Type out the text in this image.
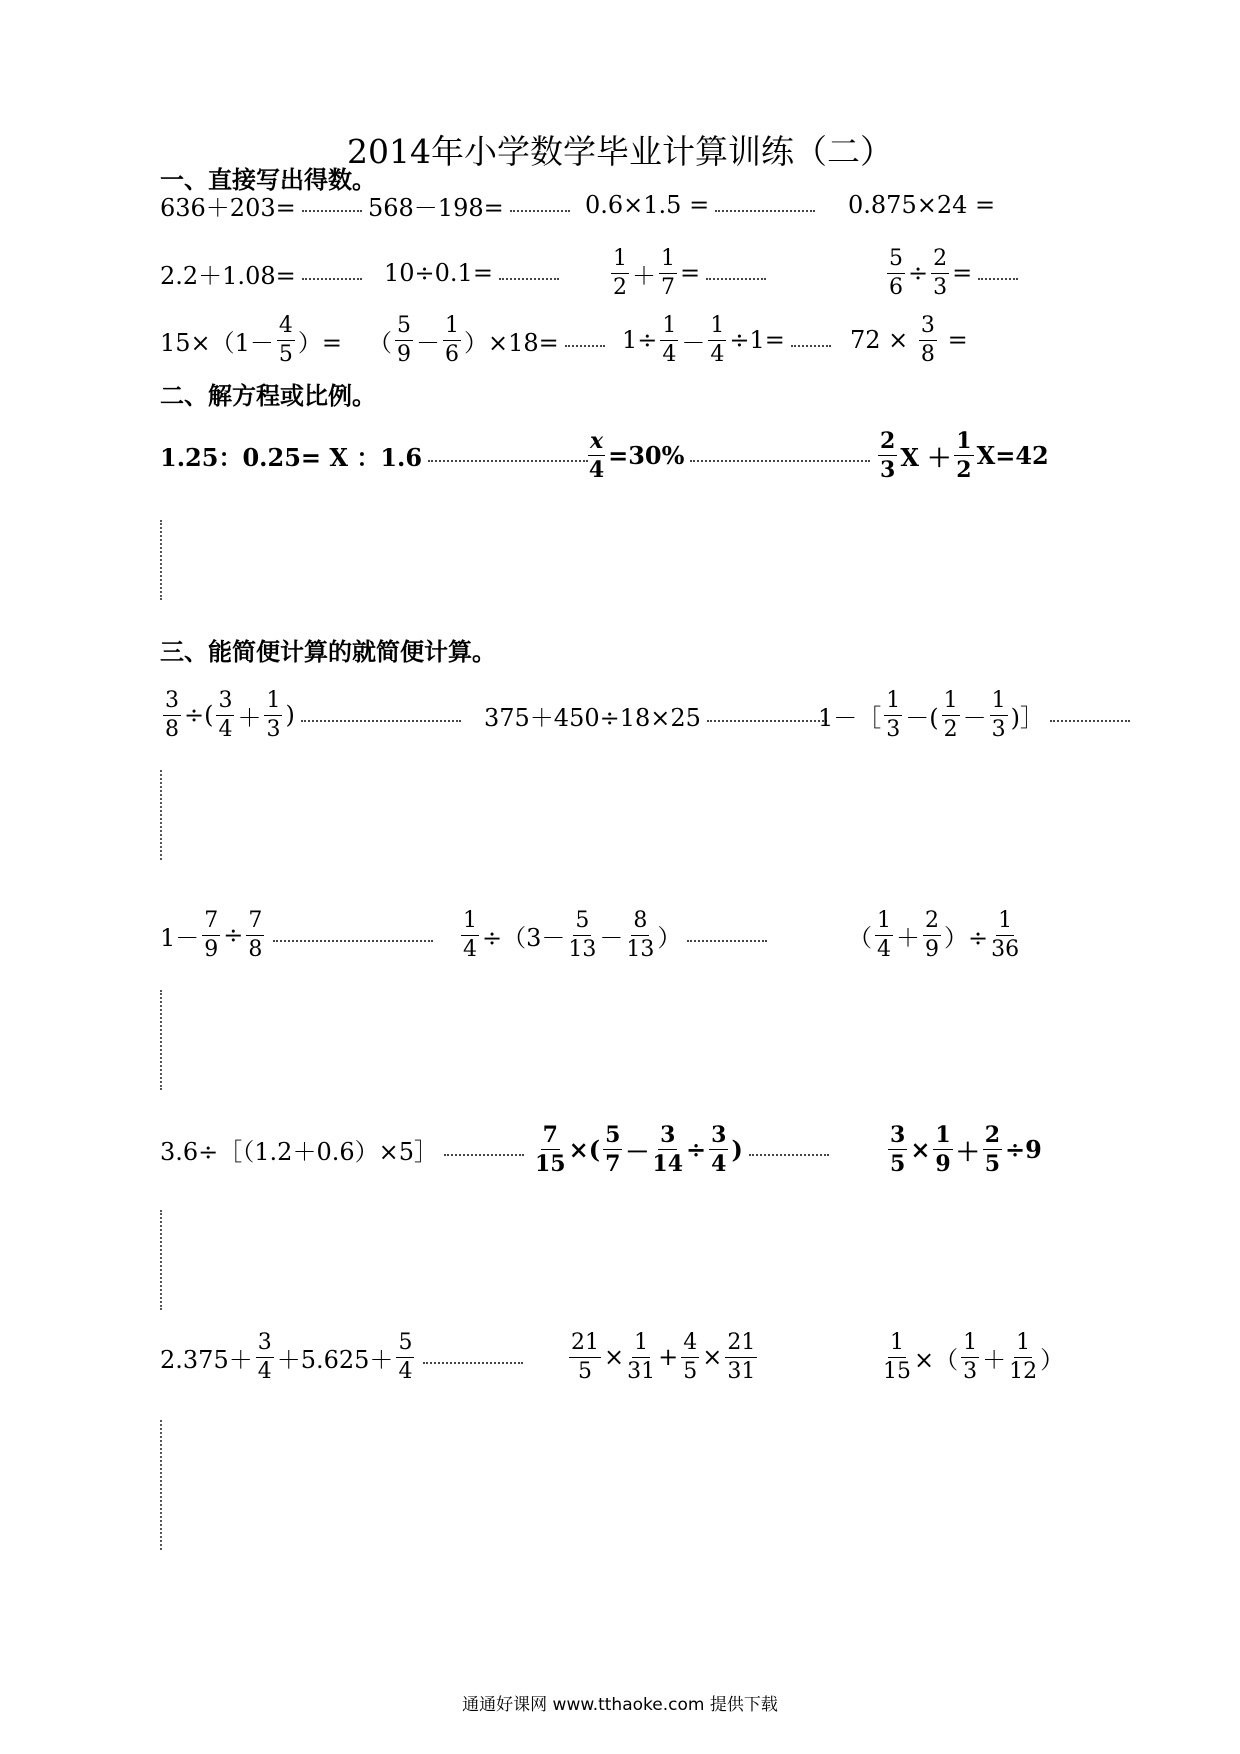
2014年小学数学毕业计算训练（二）
一、直接写出得数。
636＋203=	568－198=	0.6×1.5 =	0.875×24 =
2.2＋1.08=	10÷0.1=
1
$2 + \frac{1}{7}$ =
5
$6 \div \frac{2}{3}$ =
15×（1－
4
5 ）= （
5
9 －
1
6 ）×18=	$1\div \frac{1}{4} - \frac{1}{4} \div 1=$	72 ×
$\frac{3}{8}$
=
二、解方程或比例。
1.25：0.25= X ：1.6	$\frac{x}{4} =30\%$	2
3 X ＋
1
2 X=42
三、能简便计算的就简便计算。
3
8 ÷(
3
4 ＋
1
3 )	375＋450÷18×25	1－［
1
3 －(
1
2 －
1
3 )］
1－
7
9 ÷
7
8
1
4 ÷（3－
5
13 －
8
13 ）	（
1
4 ＋
2
9 ）÷
1
36
3.6÷［（1.2＋0.6）×5］
7
15 ×( 5
7 －
3
14 ÷ 3
4 )	3
5 × 1
$9 + \frac{2}{5} \div 9$
2.375＋
3
4 ＋5.625＋
5
4
21
5 ×
1
31 +
4
5 ×
21
31
1
15 ×（
1
3 ＋
1
12 ）
通通好课网 www.tthaoke.com 提供下载
